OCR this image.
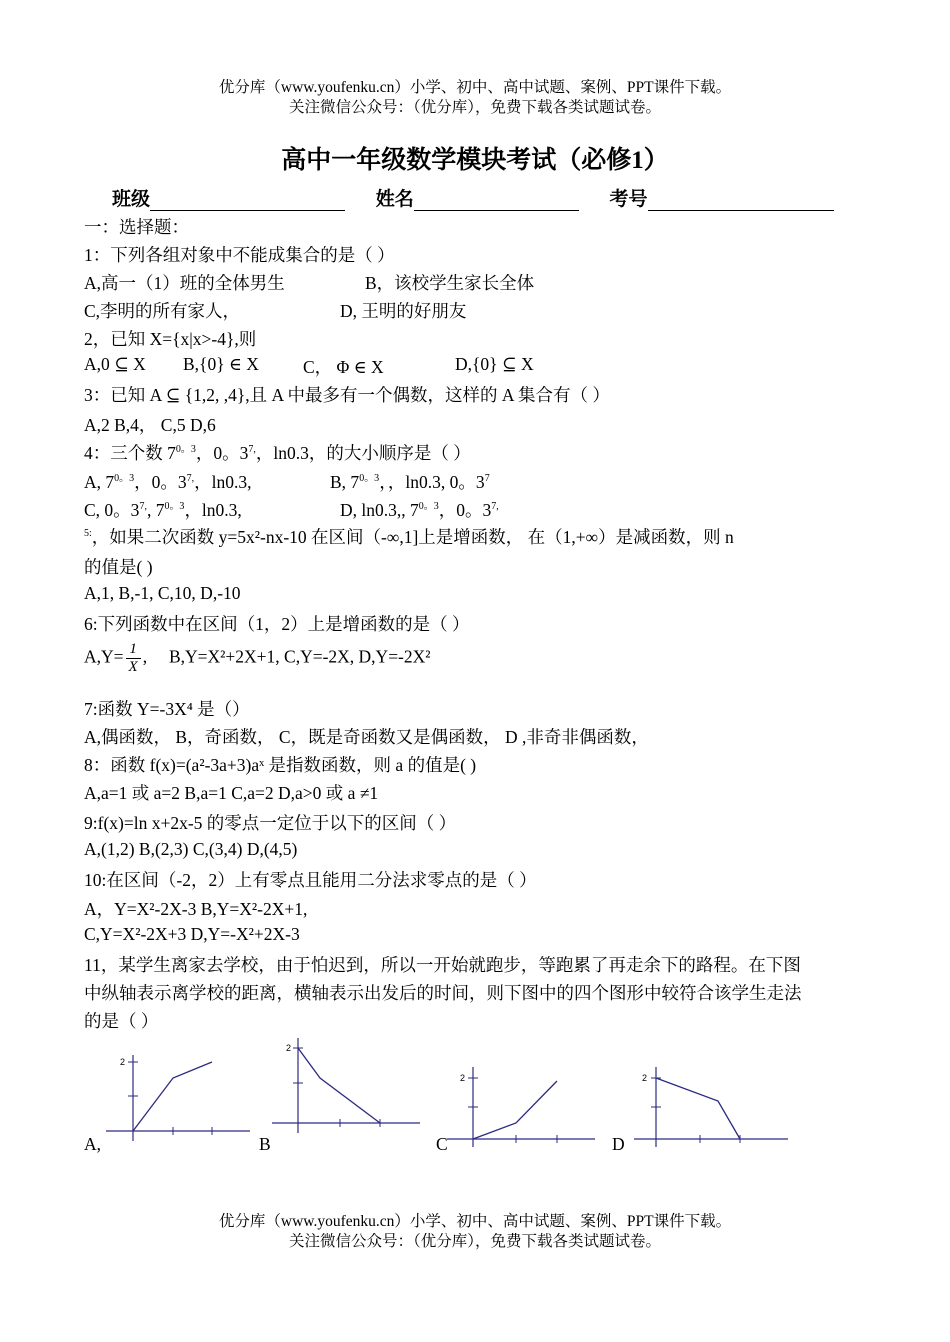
优分库（www.youfenku.cn）小学、初中、高中试题、案例、PPT课件下载。
关注微信公众号：（优分库），免费下载各类试题试卷。
高中一年级数学模块考试（必修1）
班级	姓名	考号
一：选择题：
1：下列各组对象中不能成集合的是（ ）
A,高一（1）班的全体男生	B，该校学生家长全体
C,李明的所有家人，	D, 王明的好朋友
2，已知 X={x|x>-4},则
A,0 ⊆ X B,{0} ∈ X	C， Φ ∈ X	D,{0} ⊆ X
3：已知 A ⊆ {1,2, ,4},且 A 中最多有一个偶数，这样的 A 集合有（ ）
A,2 B,4， C,5 D,6
4：三个数 $7^{0。3}$，0。$3^{7,}$，ln0.3，的大小顺序是（ ）
A, $7^{0。3}$，0。$3^{7,}$，ln0.3,	B, $7^{0。3}$，，ln0.3, 0。$3^7$
C, 0。$3^{7,}$, $7^{0。3}$，ln0.3,	D, ln0.3,, $7^{0。3}$，0。$3^{7,}$
$^{5:}$，如果二次函数 y=5x²-nx-10 在区间（-∞,1]上是增函数， 在（1,+∞）是减函数，则 n
的值是( )
A,1, B,-1, C,10, D,-10
6:下列函数中在区间（1，2）上是增函数的是（ ）
$A,Y= \frac{1}{X}$ , B,Y=X²+2X+1, C,Y=-2X, D,Y=-2X²
7:函数 Y=-3X⁴ 是（）
A,偶函数， B，奇函数， C，既是奇函数又是偶函数， D ,非奇非偶函数，
8：函数 f(x)=(a²-3a+3)aˣ 是指数函数，则 a 的值是( )
A,a=1 或 a=2 B,a=1 C,a=2 D,a>0 或 a ≠1
9:f(x)=ln x+2x-5 的零点一定位于以下的区间（ ）
A,(1,2) B,(2,3) C,(3,4) D,(4,5)
10:在区间（-2，2）上有零点且能用二分法求零点的是（ ）
A，Y=X²-2X-3 B,Y=X²-2X+1,
C,Y=X²-2X+3 D,Y=-X²+2X-3
11，某学生离家去学校，由于怕迟到，所以一开始就跑步，等跑累了再走余下的路程。在下图
中纵轴表示离学校的距离，横轴表示出发后的时间，则下图中的四个图形中较符合该学生走法
的是（ ）
A,
2
B
2
C
2
D
2
优分库（www.youfenku.cn）小学、初中、高中试题、案例、PPT课件下载。
关注微信公众号：（优分库），免费下载各类试题试卷。
